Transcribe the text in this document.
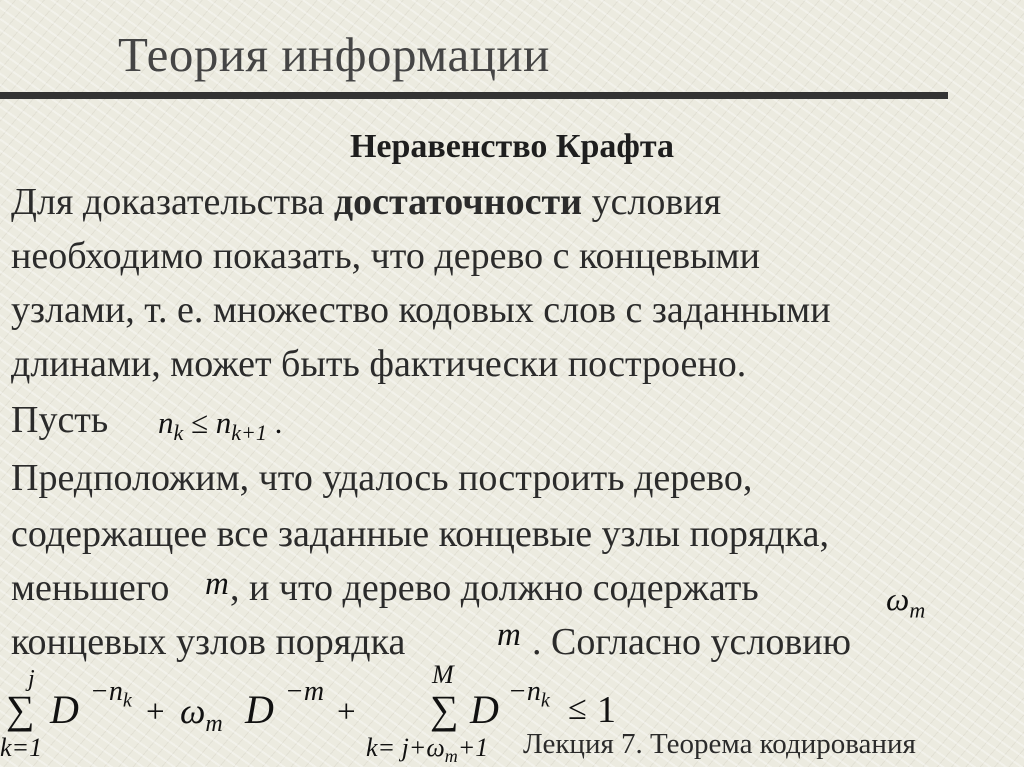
Теория информации
Неравенство Крафта
Для доказательства достаточности условия
необходимо показать, что дерево с концевыми
узлами, т. е. множество кодовых слов с заданными
длинами, может быть фактически построено.
Пусть $n_k \le n_{k+1}$ .
Предположим, что удалось построить дерево,
содержащее все заданные концевые узлы порядка,
меньшего m , и что дерево должно содержать	$\omega_m$
концевых узлов порядка	m . Согласно условию
j
∑
k=1
$D -n_k + \omega_m$ D −m
+
M
∑
$k= j+\omega_m+1$
$D -n_k \le 1$
Лекция 7. Теорема кодирования
